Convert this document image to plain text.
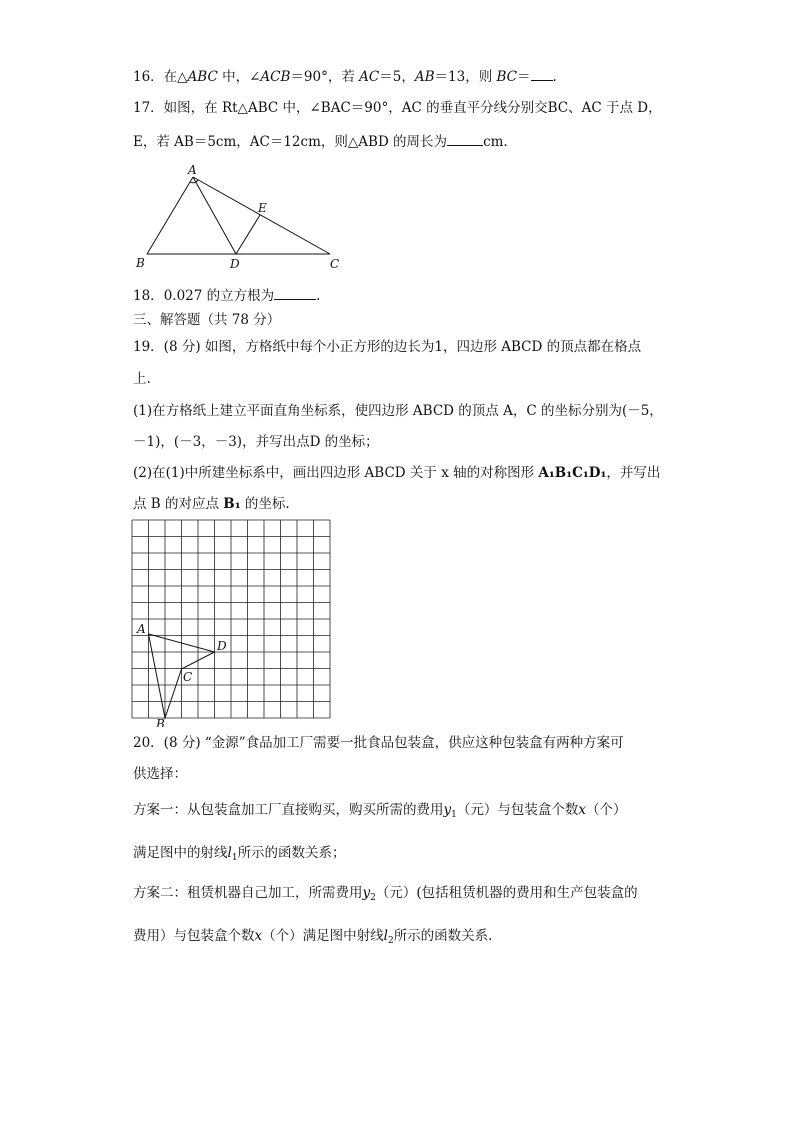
16．在△ABC 中，∠ACB＝90°，若 AC＝5，AB＝13，则 BC＝ .
17．如图，在 Rt△ABC 中，∠BAC＝90°，AC 的垂直平分线分别交BC、AC 于点 D，
E，若 AB＝5cm，AC＝12cm，则△ABD 的周长为	cm.
A
B	C
D
E
18．0.027 的立方根为	.
三、解答题（共 78 分）
19．(8 分) 如图，方格纸中每个小正方形的边长为1，四边形 ABCD 的顶点都在格点
上.
(1)在方格纸上建立平面直角坐标系，使四边形 ABCD 的顶点 A，C 的坐标分别为(－5，
－1)，(－3，－3)，并写出点D 的坐标；
(2)在(1)中所建坐标系中，画出四边形 ABCD 关于 x 轴的对称图形 A₁B₁C₁D₁，并写出
点 B 的对应点 B₁ 的坐标.
A
B
C
D
20．(8 分) “金源”食品加工厂需要一批食品包装盒，供应这种包装盒有两种方案可
供选择：
方案一：从包装盒加工厂直接购买，购买所需的费用$y_1$（元）与包装盒个数x（个）
满足图中的射线$l_1$所示的函数关系；
方案二：租赁机器自己加工，所需费用$y_2$（元）(包括租赁机器的费用和生产包装盒的
费用）与包装盒个数x（个）满足图中射线$l_2$所示的函数关系.
